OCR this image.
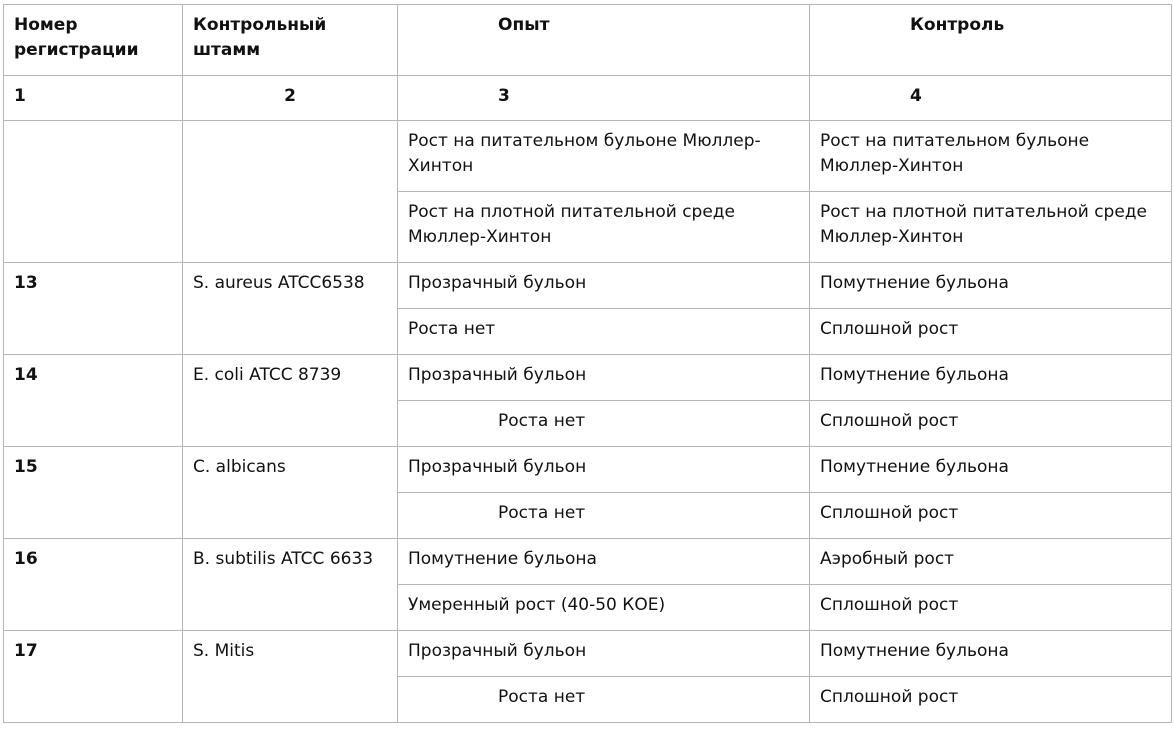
Номер регистрации	Контрольный штамм	Опыт	Контроль
1	2	3	4
		Рост на питательном бульоне Мюллер-Хинтон	Рост на питательном бульоне Мюллер-Хинтон
		Рост на плотной питательной среде Мюллер-Хинтон	Рост на плотной питательной среде Мюллер-Хинтон
13	S. aureus ATCC6538	Прозрачный бульон	Помутнение бульона
		Роста нет	Сплошной рост
14	E. coli ATCC 8739	Прозрачный бульон	Помутнение бульона
		Роста нет	Сплошной рост
15	C. albicans	Прозрачный бульон	Помутнение бульона
		Роста нет	Сплошной рост
16	B. subtilis ATCC 6633	Помутнение бульона	Аэробный рост
		Умеренный рост (40-50 КОЕ)	Сплошной рост
17	S. Mitis	Прозрачный бульон	Помутнение бульона
		Роста нет	Сплошной рост
